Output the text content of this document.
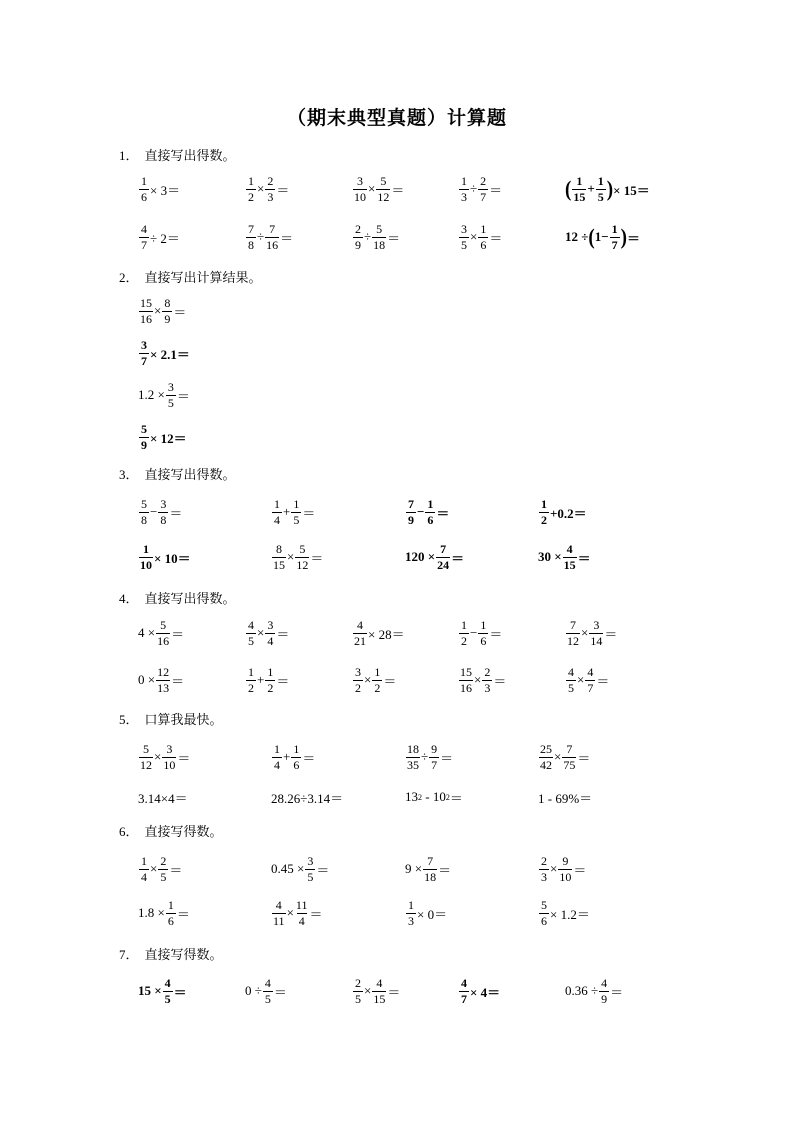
（期末典型真题）计算题
1． 直接写出得数。
$\frac{1}{6} \times 3=$	$\frac{1}{2} \times \frac{2}{3}$ ＝	$\frac{3}{10} \times \frac{5}{12}$ ＝	$\frac{1}{3} \div \frac{2}{7}$ ＝	( $\frac{1}{15} + \frac{1}{5}$ ) × 15＝
$\frac{4}{7} \div 2=$	$\frac{7}{8} \div \frac{7}{16}$ ＝	$\frac{2}{9} \div \frac{5}{18}$ ＝	$\frac{3}{5} \times \frac{1}{6}$ ＝	12 ÷ ( $1- \frac{1}{7}$ ) ＝
2． 直接写出计算结果。
$\frac{15}{16} \times \frac{8}{9}$ ＝
$\frac{3}{7} \times 2.1=$
$1.2 \times \frac{3}{5}$ ＝
$\frac{5}{9} \times 12=$
3． 直接写出得数。
$\frac{5}{8} - \frac{3}{8}$ ＝	$\frac{1}{4} + \frac{1}{5}$ ＝	$\frac{7}{9} - \frac{1}{6}$ ＝	$\frac{1}{2} +0.2=$
$\frac{1}{10} \times 10=$	$\frac{8}{15} \times \frac{5}{12}$ ＝	$120 \times \frac{7}{24}$ ＝	$30 \times \frac{4}{15}$ ＝
4． 直接写出得数。
$4 \times \frac{5}{16}$ ＝	$\frac{4}{5} \times \frac{3}{4}$ ＝	$\frac{4}{21} \times 28=$	$\frac{1}{2} - \frac{1}{6}$ ＝	$\frac{7}{12} \times \frac{3}{14}$ ＝
$0 \times \frac{12}{13}$ ＝	$\frac{1}{2} + \frac{1}{2}$ ＝	$\frac{3}{2} \times \frac{1}{2}$ ＝	$\frac{15}{16} \times \frac{2}{3}$ ＝	$\frac{4}{5} \times \frac{4}{7}$ ＝
5． 口算我最快。
$\frac{5}{12} \times \frac{3}{10}$ ＝	$\frac{1}{4} + \frac{1}{6}$ ＝	$\frac{18}{35} \div \frac{9}{7}$ ＝	$\frac{25}{42} \times \frac{7}{75}$ ＝
3.14×4＝	28.26÷3.14＝	13 2 - 10 2 ＝	1 - 69%＝
6． 直接写得数。
$\frac{1}{4} \times \frac{2}{5}$ ＝	$0.45 \times \frac{3}{5}$ ＝	$9 \times \frac{7}{18}$ ＝	$\frac{2}{3} \times \frac{9}{10}$ ＝
$1.8 \times \frac{1}{6}$ ＝	$\frac{4}{11} \times \frac{11}{4}$ ＝	$\frac{1}{3} \times 0=$	$\frac{5}{6} \times 1.2=$
7． 直接写得数。
$15 \times \frac{4}{5}$ ＝	$0 \div \frac{4}{5}$ ＝	$\frac{2}{5} \times \frac{4}{15}$ ＝	$\frac{4}{7} \times 4=$	$0.36 \div \frac{4}{9}$ ＝
